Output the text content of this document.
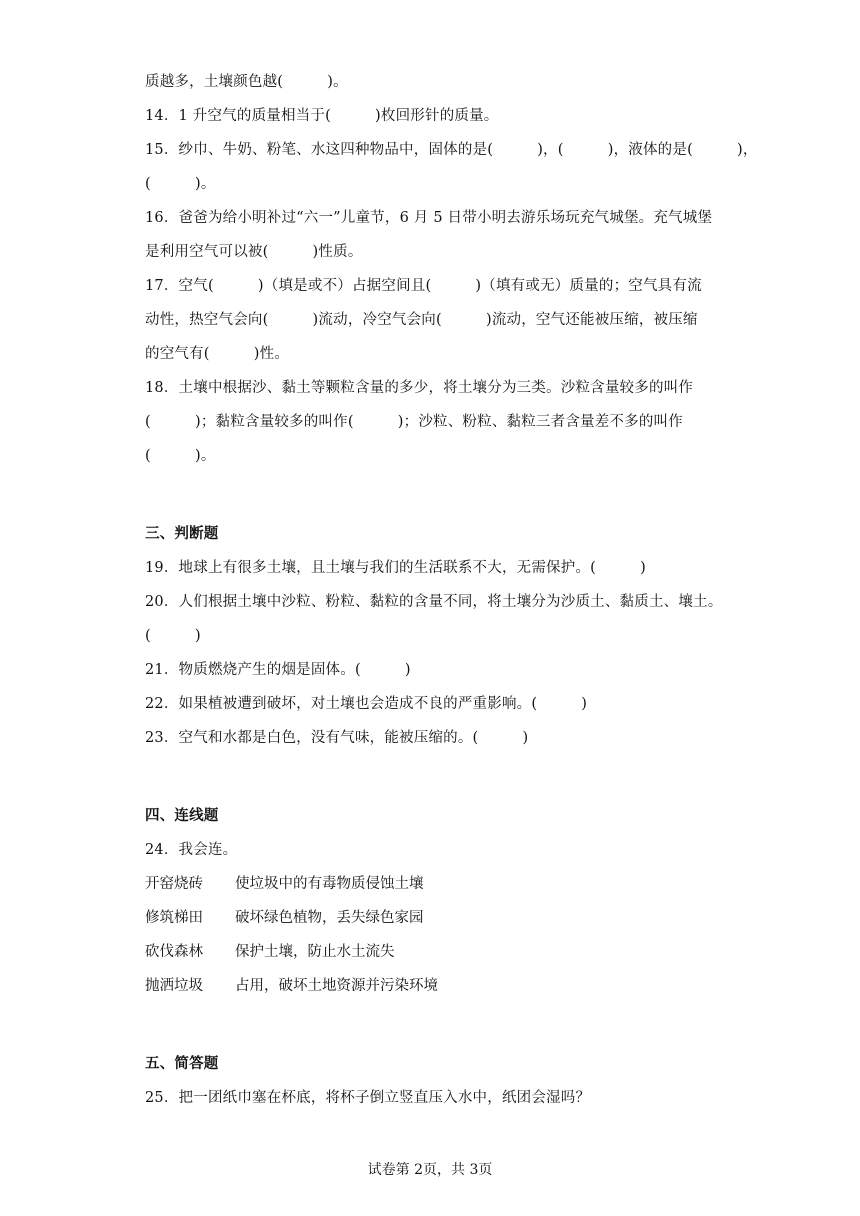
质越多，土壤颜色越(　　　)。
14．1 升空气的质量相当于(　　　)枚回形针的质量。
15．纱巾、牛奶、粉笔、水这四种物品中，固体的是(　　　)，(　　　)，液体的是(　　　)，
(　　　)。
16．爸爸为给小明补过“六一”儿童节，6 月 5 日带小明去游乐场玩充气城堡。充气城堡
是利用空气可以被(　　　)性质。
17．空气(　　　)（填是或不）占据空间且(　　　)（填有或无）质量的；空气具有流
动性，热空气会向(　　　)流动，冷空气会向(　　　)流动，空气还能被压缩，被压缩
的空气有(　　　)性。
18．土壤中根据沙、黏土等颗粒含量的多少，将土壤分为三类。沙粒含量较多的叫作
(　　　)；黏粒含量较多的叫作(　　　)；沙粒、粉粒、黏粒三者含量差不多的叫作
(　　　)。
三、判断题
19．地球上有很多土壤，且土壤与我们的生活联系不大，无需保护。(　　　)
20．人们根据土壤中沙粒、粉粒、黏粒的含量不同，将土壤分为沙质土、黏质土、壤土。
(　　　)
21．物质燃烧产生的烟是固体。(　　　)
22．如果植被遭到破坏，对土壤也会造成不良的严重影响。(　　　)
23．空气和水都是白色，没有气味，能被压缩的。(　　　)
四、连线题
24．我会连。
开窑烧砖 使垃圾中的有毒物质侵蚀土壤
修筑梯田 破坏绿色植物，丢失绿色家园
砍伐森林 保护土壤，防止水土流失
抛洒垃圾 占用，破坏土地资源并污染环境
五、简答题
25．把一团纸巾塞在杯底，将杯子倒立竖直压入水中，纸团会湿吗？
试卷第 2页，共 3页
